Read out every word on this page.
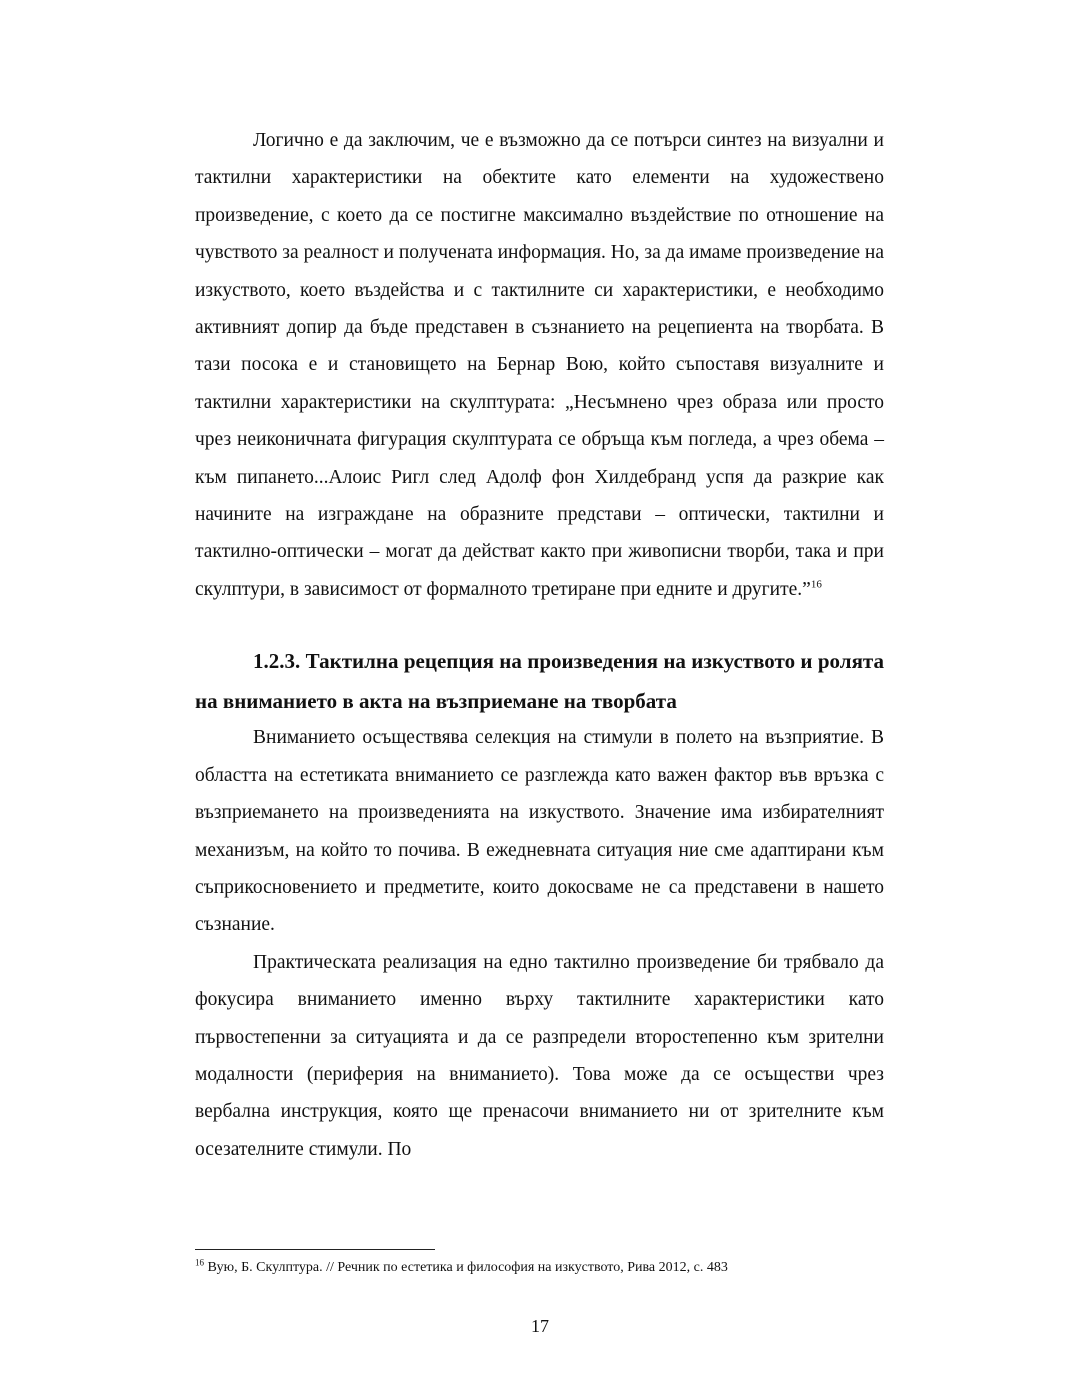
Логично е да заключим, че е възможно да се потърси синтез на визуални и тактилни характеристики на обектите като елементи на художествено произведение, с което да се постигне максимално въздействие по отношение на чувството за реалност и получената информация. Но, за да имаме произведение на изкуството, което въздейства и с тактилните си характеристики, е необходимо активният допир да бъде представен в съзнанието на рецепиента на творбата. В тази посока е и становището на Бернар Вою, който съпоставя визуалните и тактилни характеристики на скулптурата: „Несъмнено чрез образа или просто чрез неиконичната фигурация скулптурата се обръща към погледа, а чрез обема – към пипането...Алоис Ригл след Адолф фон Хилдебранд успя да разкрие как начините на изграждане на образните представи – оптически, тактилни и тактилно-оптически – могат да действат както при живописни творби, така и при скулптури, в зависимост от формалното третиране при едните и другите.”$^{16}$

1.2.3. Тактилна рецепция на произведения на изкуството и ролята на вниманието в акта на възприемане на творбата

Вниманието осъществява селекция на стимули в полето на възприятие. В областта на естетиката вниманието се разглежда като важен фактор във връзка с възприемането на произведенията на изкуството. Значение има избирателният механизъм, на който то почива. В ежедневната ситуация ние сме адаптирани към съприкосновението и предметите, които докосваме не са представени в нашето съзнание.

Практическата реализация на едно тактилно произведение би трябвало да фокусира вниманието именно върху тактилните характеристики като първостепенни за ситуацията и да се разпредели второстепенно към зрителни модалности (периферия на вниманието). Това може да се осъществи чрез вербална инструкция, която ще пренасочи вниманието ни от зрителните към осезателните стимули. По

$^{16}$ Вую, Б. Скулптура. // Речник по естетика и философия на изкуството, Рива 2012, с. 483
17
